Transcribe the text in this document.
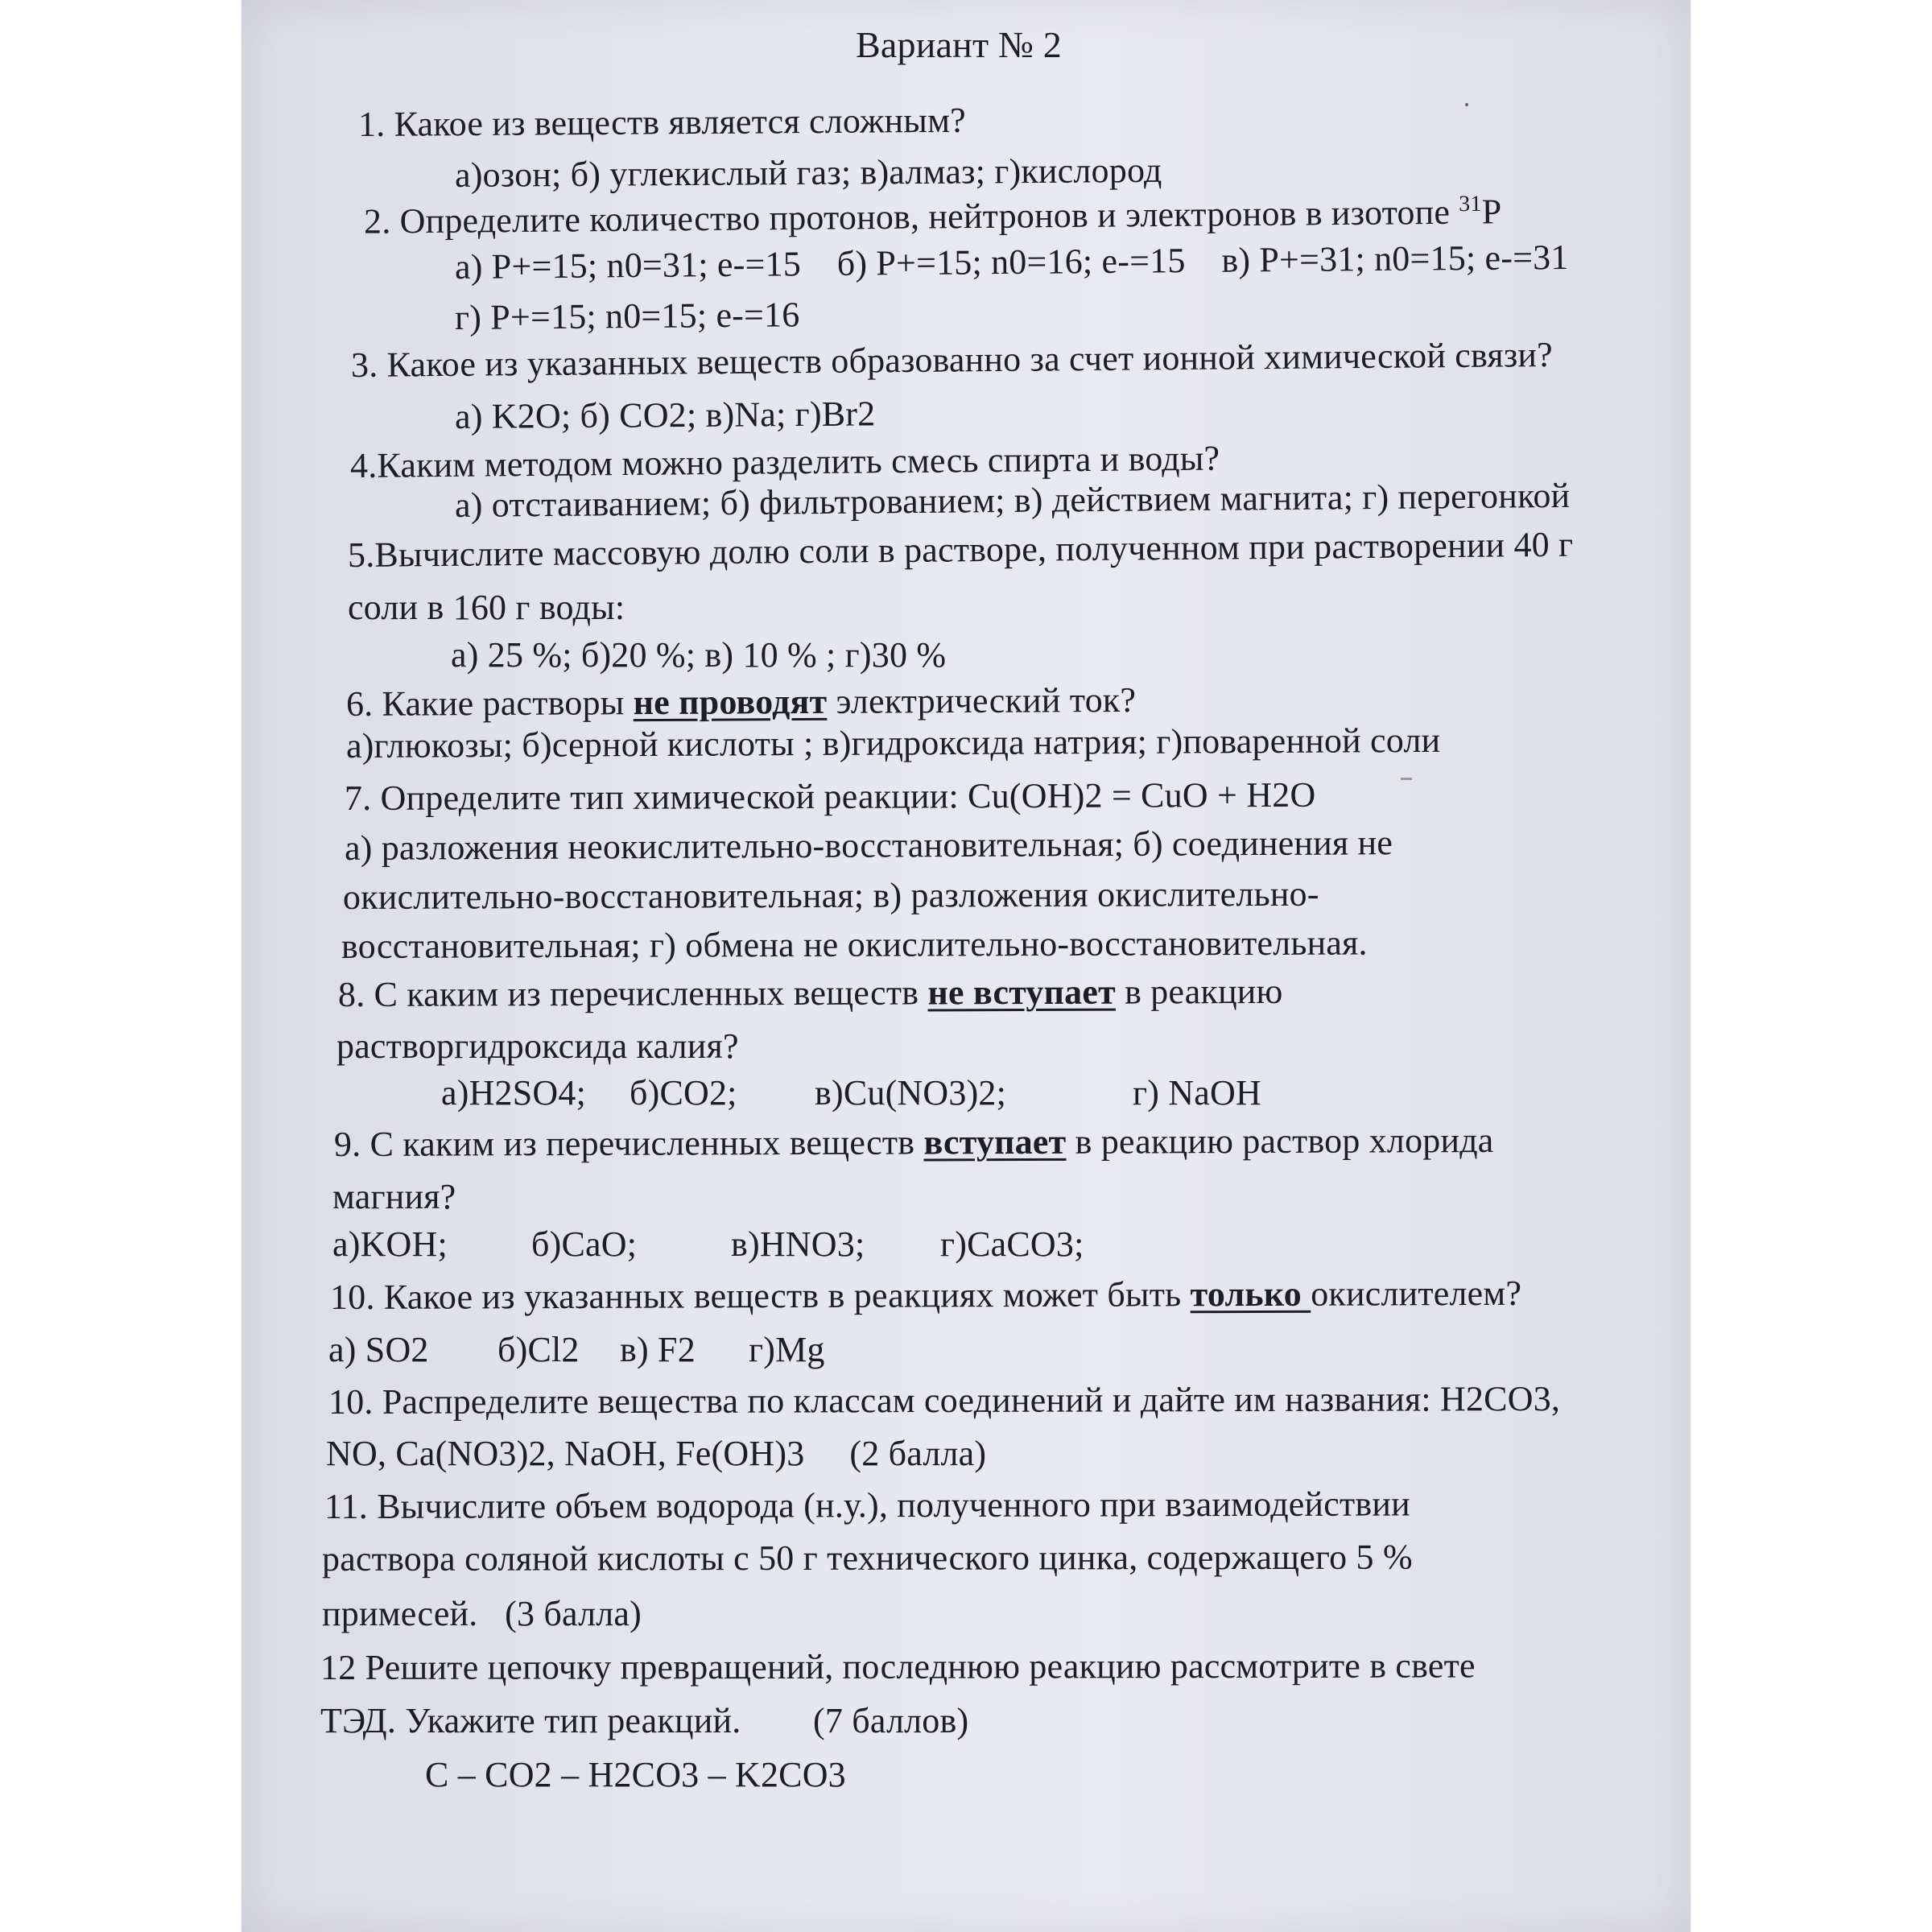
Вариант № 2
1. Какое из веществ является сложным?
а)озон; б) углекислый газ; в)алмаз; г)кислород
2. Определите количество протонов, нейтронов и электронов в изотопе $^{31}$P
а) P+=15; n0=31; e-=15 б) P+=15; n0=16; e-=15 в) P+=31; n0=15; e-=31
г) P+=15; n0=15; e-=16
3. Какое из указанных веществ образованно за счет ионной химической связи?
а) K2O; б) CO2; в)Na; г)Br2
4.Каким методом можно разделить смесь спирта и воды?
а) отстаиванием; б) фильтрованием; в) действием магнита; г) перегонкой
5.Вычислите массовую долю соли в растворе, полученном при растворении 40 г
соли в 160 г воды:
а) 25 %; б)20 %; в) 10 % ; г)30 %
6. Какие растворы не проводят электрический ток?
а)глюкозы; б)серной кислоты ; в)гидроксида натрия; г)поваренной соли
7. Определите тип химической реакции: Cu(OH)2 = CuO + H2O
а) разложения неокислительно-восстановительная; б) соединения не
окислительно-восстановительная; в) разложения окислительно-
восстановительная; г) обмена не окислительно-восстановительная.
8. С каким из перечисленных веществ не вступает в реакцию
растворгидроксида калия?
а)H2SO4; б)CO2; в)Cu(NO3)2;	г) NaOH
9. С каким из перечисленных веществ вступает в реакцию раствор хлорида
магния?
а)KOH; б)CaO;	в)HNO3; г)CaCO3;
10. Какое из указанных веществ в реакциях может быть только окислителем?
а) SO2 б)Cl2 в) F2 г)Mg
10. Распределите вещества по классам соединений и дайте им названия: H2CO3,
NO, Ca(NO3)2, NaOH, Fe(OH)3 (2 балла)
11. Вычислите объем водорода (н.у.), полученного при взаимодействии
раствора соляной кислоты с 50 г технического цинка, содержащего 5 %
примесей. (3 балла)
12 Решите цепочку превращений, последнюю реакцию рассмотрите в свете
ТЭД. Укажите тип реакций. (7 баллов)
C – CO2 – H2CO3 – K2CO3
